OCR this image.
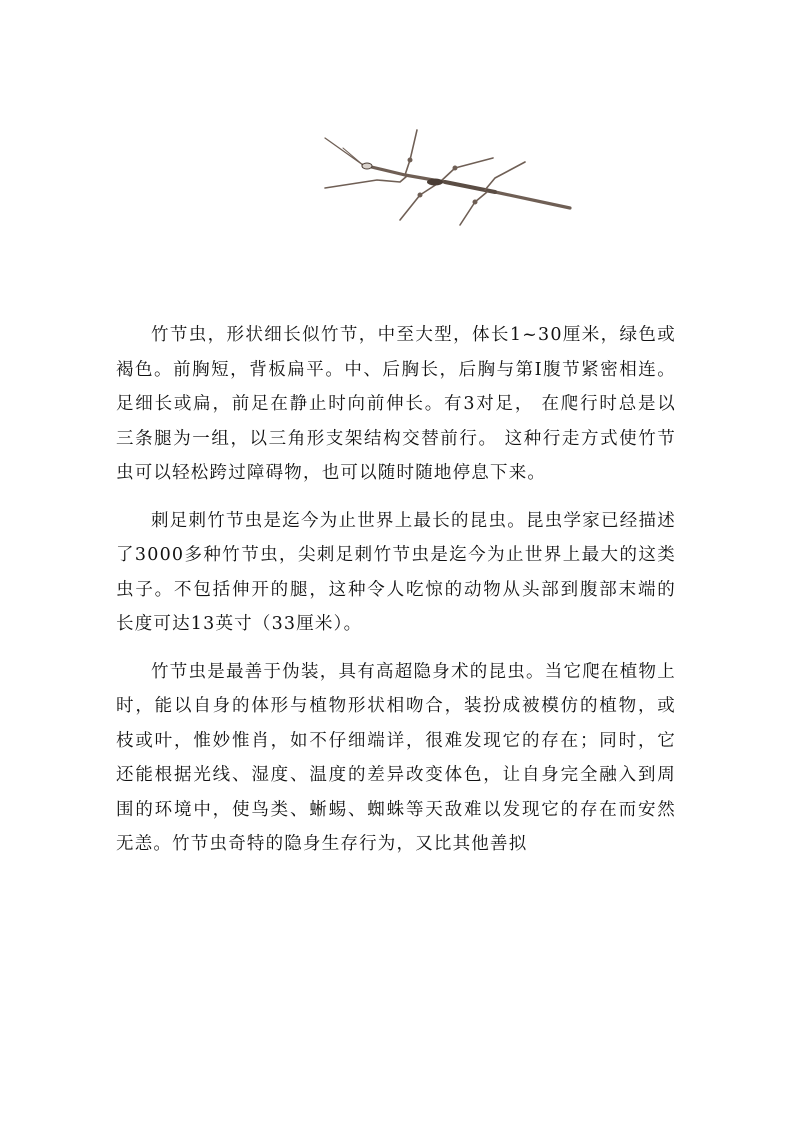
竹节虫，形状细长似竹节，中至大型，体长1~30厘米，绿色或褐色。前胸短，背板扁平。中、后胸长，后胸与第I腹节紧密相连。足细长或扁，前足在静止时向前伸长。有3对足， 在爬行时总是以三条腿为一组，以三角形支架结构交替前行。 这种行走方式使竹节虫可以轻松跨过障碍物，也可以随时随地停息下来。

刺足刺竹节虫是迄今为止世界上最长的昆虫。昆虫学家已经描述了3000多种竹节虫，尖刺足刺竹节虫是迄今为止世界上最大的这类虫子。不包括伸开的腿，这种令人吃惊的动物从头部到腹部末端的长度可达13英寸（33厘米）。

竹节虫是最善于伪装，具有高超隐身术的昆虫。当它爬在植物上时，能以自身的体形与植物形状相吻合，装扮成被模仿的植物，或枝或叶，惟妙惟肖，如不仔细端详，很难发现它的存在；同时，它还能根据光线、湿度、温度的差异改变体色，让自身完全融入到周围的环境中，使鸟类、蜥蜴、蜘蛛等天敌难以发现它的存在而安然无恙。竹节虫奇特的隐身生存行为，又比其他善拟
